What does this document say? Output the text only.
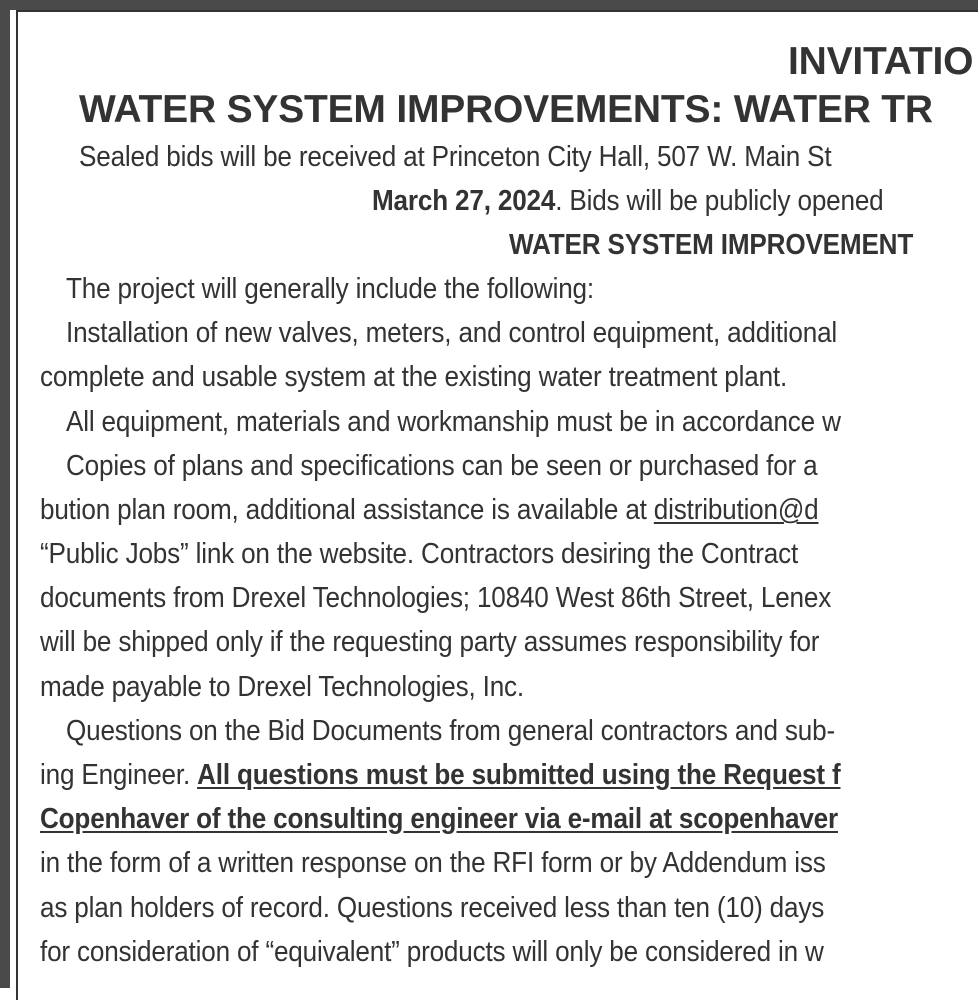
INVITATIO
WATER SYSTEM IMPROVEMENTS: WATER TR
Sealed bids will be received at Princeton City Hall, 507 W. Main St
March 27, 2024. Bids will be publicly opened
WATER SYSTEM IMPROVEMENT
The project will generally include the following:
Installation of new valves, meters, and control equipment, additional
complete and usable system at the existing water treatment plant.
All equipment, materials and workmanship must be in accordance w
Copies of plans and specifications can be seen or purchased for a
bution plan room, additional assistance is available at distribution@d
“Public Jobs” link on the website. Contractors desiring the Contract
documents from Drexel Technologies; 10840 West 86th Street, Lenex
will be shipped only if the requesting party assumes responsibility for
made payable to Drexel Technologies, Inc.
Questions on the Bid Documents from general contractors and sub-
ing Engineer. All questions must be submitted using the Request f
Copenhaver of the consulting engineer via e-mail at scopenhaver
in the form of a written response on the RFI form or by Addendum iss
as plan holders of record. Questions received less than ten (10) days
for consideration of “equivalent” products will only be considered in w
